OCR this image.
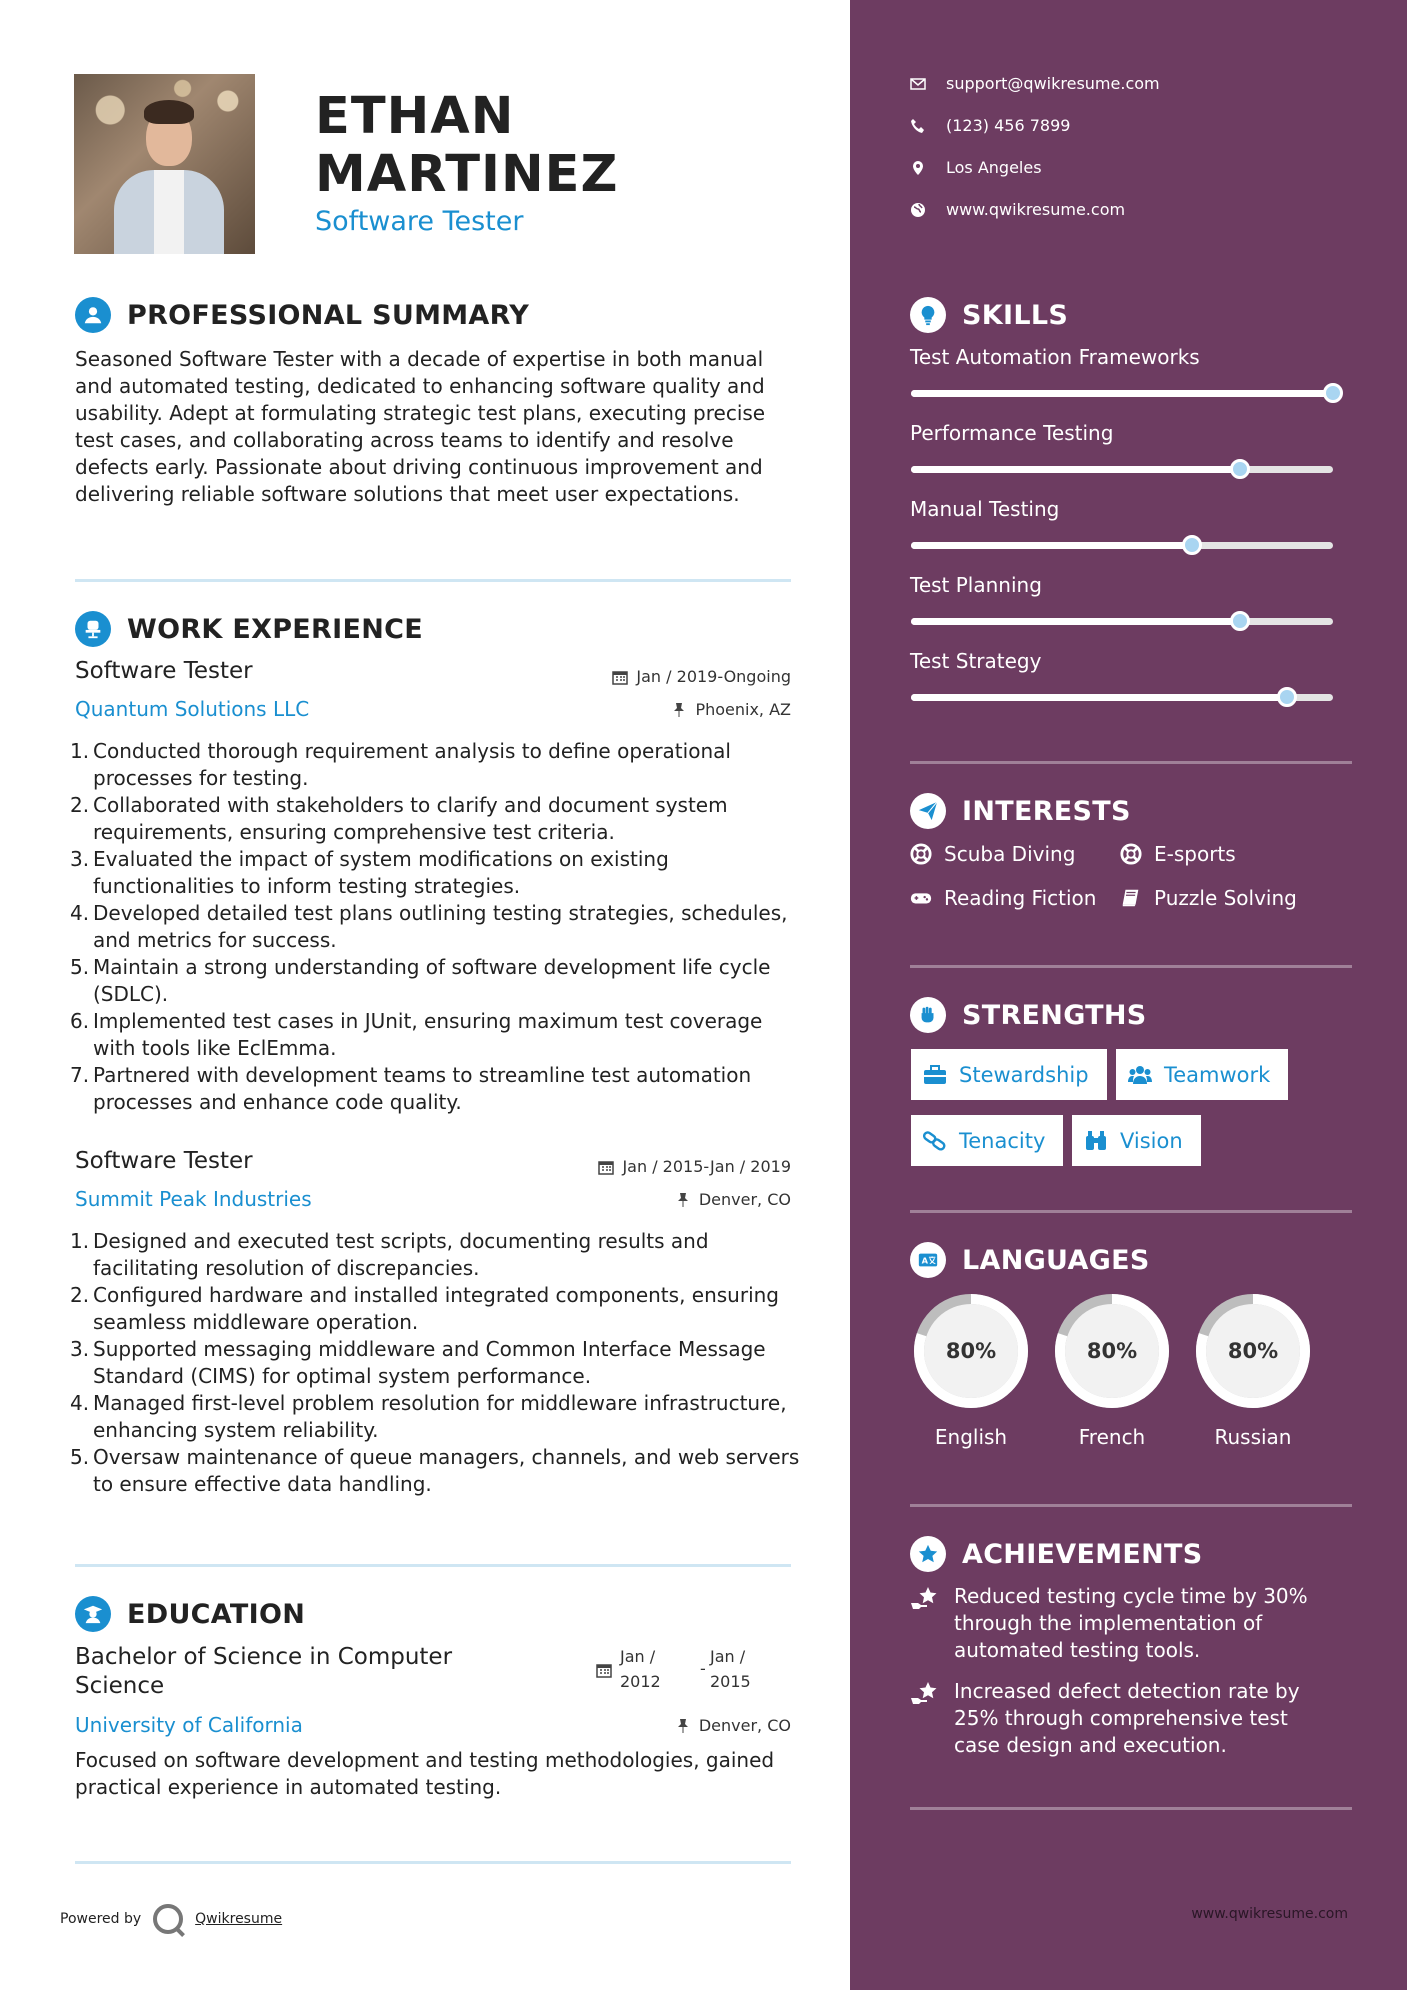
ETHAN
MARTINEZ
Software Tester
PROFESSIONAL SUMMARY
Seasoned Software Tester with a decade of expertise in both manual and automated testing, dedicated to enhancing software quality and usability. Adept at formulating strategic test plans, executing precise test cases, and collaborating across teams to identify and resolve defects early. Passionate about driving continuous improvement and delivering reliable software solutions that meet user expectations.
WORK EXPERIENCE
Software Tester	Jan / 2019-Ongoing
Quantum Solutions LLC	Phoenix, AZ
1. Conducted thorough requirement analysis to define operational processes for testing.
2. Collaborated with stakeholders to clarify and document system requirements, ensuring comprehensive test criteria.
3. Evaluated the impact of system modifications on existing functionalities to inform testing strategies.
4. Developed detailed test plans outlining testing strategies, schedules, and metrics for success.
5. Maintain a strong understanding of software development life cycle (SDLC).
6. Implemented test cases in JUnit, ensuring maximum test coverage with tools like EclEmma.
7. Partnered with development teams to streamline test automation processes and enhance code quality.
Software Tester	Jan / 2015-Jan / 2019
Summit Peak Industries	Denver, CO
1. Designed and executed test scripts, documenting results and facilitating resolution of discrepancies.
2. Configured hardware and installed integrated components, ensuring seamless middleware operation.
3. Supported messaging middleware and Common Interface Message Standard (CIMS) for optimal system performance.
4. Managed first-level problem resolution for middleware infrastructure, enhancing system reliability.
5. Oversaw maintenance of queue managers, channels, and web servers to ensure effective data handling.
EDUCATION
Bachelor of Science in Computer
Science
Jan /
2012
-
Jan /
2015
University of California	Denver, CO
Focused on software development and testing methodologies, gained practical experience in automated testing.
Powered by	Qwikresume
support@qwikresume.com
(123) 456 7899
Los Angeles
www.qwikresume.com
SKILLS
Test Automation Frameworks
Performance Testing
Manual Testing
Test Planning
Test Strategy
INTERESTS
Scuba Diving	E-sports
Reading Fiction	Puzzle Solving
STRENGTHS
Stewardship	Teamwork
Tenacity	Vision
A LANGUAGES
80%
English
80%
French
80%
Russian
ACHIEVEMENTS
Reduced testing cycle time by 30% through the implementation of automated testing tools.
Increased defect detection rate by 25% through comprehensive test case design and execution.
www.qwikresume.com
